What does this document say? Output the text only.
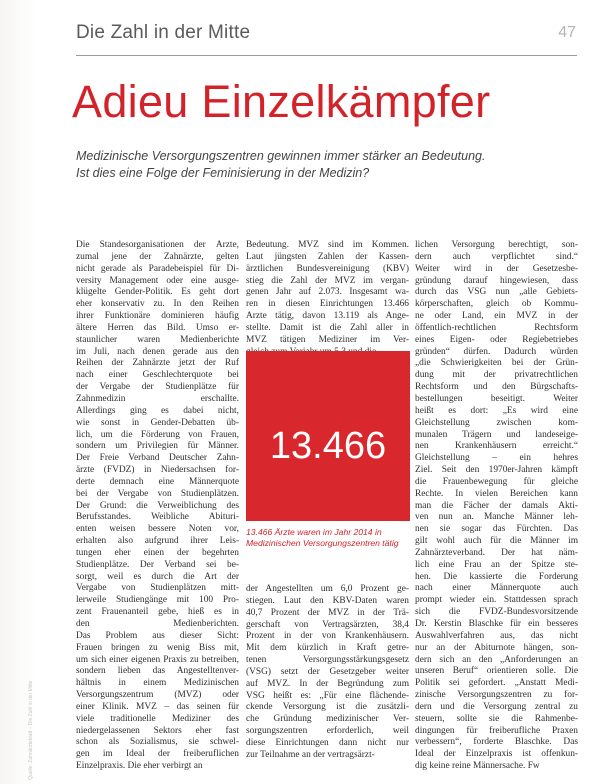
Die Zahl in der Mitte	47
Adieu Einzelkämpfer
Medizinische Versorgungszentren gewinnen immer stärker an Bedeutung.
Ist dies eine Folge der Feminisierung in der Medizin?
Die Standesorganisationen der Ärzte,
zumal jene der Zahnärzte, gelten
nicht gerade als Paradebeispiel für Di-
versity Management oder eine ausge-
klügelte Gender-Politik. Es geht dort
eher konservativ zu. In den Reihen
ihrer Funktionäre dominieren häufig
ältere Herren das Bild. Umso er-
staunlicher waren Medienberichte
im Juli, nach denen gerade aus den
Reihen der Zahnärzte jetzt der Ruf
nach einer Geschlechterquote bei
der Vergabe der Studienplätze für
Zahnmedizin erschallte.
Allerdings ging es dabei nicht,
wie sonst in Gender-Debatten üb-
lich, um die Förderung von Frauen,
sondern um Privilegien für Männer.
Der Freie Verband Deutscher Zahn-
ärzte (FVDZ) in Niedersachsen for-
derte demnach eine Männerquote
bei der Vergabe von Studienplätzen.
Der Grund: die Verweiblichung des
Berufsstandes. Weibliche Abituri-
enten weisen bessere Noten vor,
erhalten also aufgrund ihrer Leis-
tungen eher einen der begehrten
Studienplätze. Der Verband sei be-
sorgt, weil es durch die Art der
Vergabe von Studienplätzen mitt-
lerweile Studiengänge mit 100 Pro-
zent Frauenanteil gebe, hieß es in
den Medienberichten.
Das Problem aus dieser Sicht:
Frauen bringen zu wenig Biss mit,
um sich einer eigenen Praxis zu betreiben,
sondern lieben das Angestelltenver-
hältnis in einem Medizinischen
Versorgungszentrum (MVZ) oder
einer Klinik. MVZ – das seinen für
viele traditionelle Mediziner des
niedergelassenen Sektors eher fast
schon als Sozialismus, sie schwel-
gen im Ideal der freiberuflichen
Einzelpraxis. Die eher verbirgt an
Bedeutung. MVZ sind im Kommen.
Laut jüngsten Zahlen der Kassen-
ärztlichen Bundesvereinigung (KBV)
stieg die Zahl der MVZ im vergan-
genen Jahr auf 2.073. Insgesamt wa-
ren in diesen Einrichtungen 13.466
Ärzte tätig, davon 13.119 als Ange-
stellte. Damit ist die Zahl aller in
MVZ tätigen Mediziner im Ver-
13.466
13.466 Ärzte waren im Jahr 2014 in Medizinischen Versorgungszentren tätig
der Angestellten um 6,0 Prozent ge-
stiegen. Laut den KBV-Daten waren
40,7 Prozent der MVZ in der Trä-
gerschaft von Vertragsärzten, 38,4
Prozent in der von Krankenhäusern.
Mit dem kürzlich in Kraft getre-
tenen Versorgungsstärkungsgesetz
(VSG) setzt der Gesetzgeber weiter
auf MVZ. In der Begründung zum
VSG heißt es: „Für eine flächende-
ckende Versorgung ist die zusätzli-
che Gründung medizinischer Ver-
sorgungszentren erforderlich, weil
diese Einrichtungen dann nicht nur
zur Teilnahme an der vertragsärzt-
lichen Versorgung berechtigt, son-
dern auch verpflichtet sind.“
Weiter wird in der Gesetzesbe-
gründung darauf hingewiesen, dass
durch das VSG nun „alle Gebiets-
körperschaften, gleich ob Kommu-
ne oder Land, ein MVZ in der
öffentlich-rechtlichen Rechtsform
eines Eigen- oder Regiebetriebes
gründen“ dürfen. Dadurch würden
„die Schwierigkeiten bei der Grün-
dung mit der privatrechtlichen
Rechtsform und den Bürgschafts-
bestellungen beseitigt. Weiter
heißt es dort: „Es wird eine
Gleichstellung zwischen kom-
munalen Trägern und landeseige-
nen Krankenhäusern erreicht.“
Gleichstellung – ein hehres
Ziel. Seit den 1970er-Jahren kämpft
die Frauenbewegung für gleiche
Rechte. In vielen Bereichen kann
man die Fächer der damals Akti-
ven nun an. Manche Männer leh-
nen sie sogar das Fürchten. Das
gilt wohl auch für die Männer im
Zahnärzteverband. Der hat näm-
lich eine Frau an der Spitze ste-
hen. Die kassierte die Forderung
nach einer Männerquote auch
prompt wieder ein. Stattdessen sprach
sich die FVDZ-Bundesvorsitzende
Dr. Kerstin Blaschke für ein besseres
Auswahlverfahren aus, das nicht
nur an der Abiturnote hängen, son-
dern sich an den „Anforderungen an
unseren Beruf“ orientieren solle. Die
Politik sei gefordert. „Anstatt Medi-
zinische Versorgungszentren zu for-
dern und die Versorgung zentral zu
steuern, sollte sie die Rahmenbe-
dingungen für freiberufliche Praxen
verbessern“, forderte Blaschke. Das
Ideal der Einzelpraxis ist offenkun-
dig keine reine Männersache. Fw
Quelle: Zahnärzteblatt – Die Zahl in der Mitte
